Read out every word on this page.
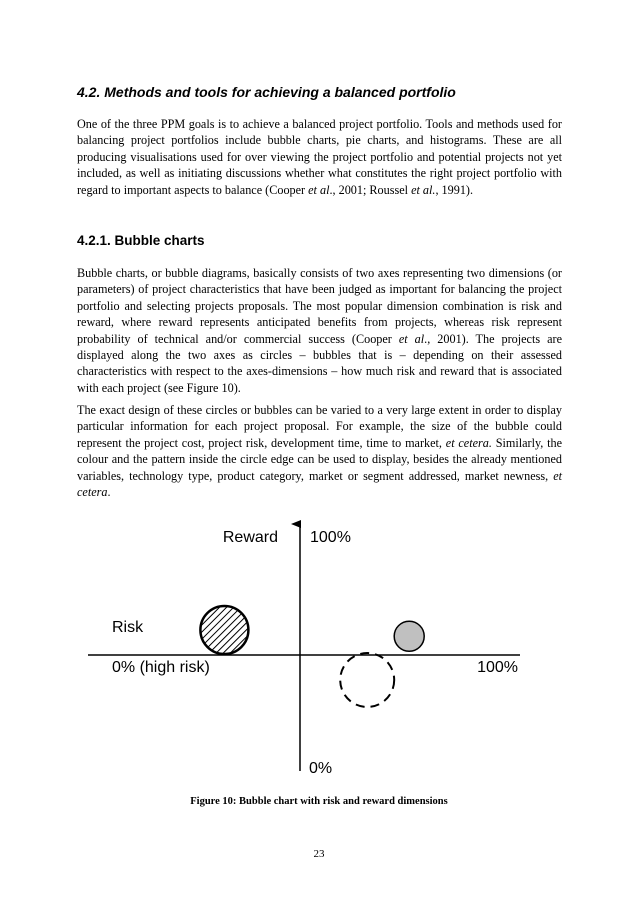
4.2. Methods and tools for achieving a balanced portfolio

One of the three PPM goals is to achieve a balanced project portfolio. Tools and methods used for balancing project portfolios include bubble charts, pie charts, and histograms. These are all producing visualisations used for over viewing the project portfolio and potential projects not yet included, as well as initiating discussions whether what constitutes the right project portfolio with regard to important aspects to balance (Cooper et al., 2001; Roussel et al., 1991).

4.2.1. Bubble charts

Bubble charts, or bubble diagrams, basically consists of two axes representing two dimensions (or parameters) of project characteristics that have been judged as important for balancing the project portfolio and selecting projects proposals. The most popular dimension combination is risk and reward, where reward represents anticipated benefits from projects, whereas risk represent probability of technical and/or commercial success (Cooper et al., 2001). The projects are displayed along the two axes as circles – bubbles that is – depending on their assessed characteristics with respect to the axes-dimensions – how much risk and reward that is associated with each project (see Figure 10).

The exact design of these circles or bubbles can be varied to a very large extent in order to display particular information for each project proposal. For example, the size of the bubble could represent the project cost, project risk, development time, time to market, et cetera. Similarly, the colour and the pattern inside the circle edge can be used to display, besides the already mentioned variables, technology type, product category, market or segment addressed, market newness, et cetera.

Reward 100%
0%
Risk
0% (high risk)	100%
Figure 10: Bubble chart with risk and reward dimensions
23
